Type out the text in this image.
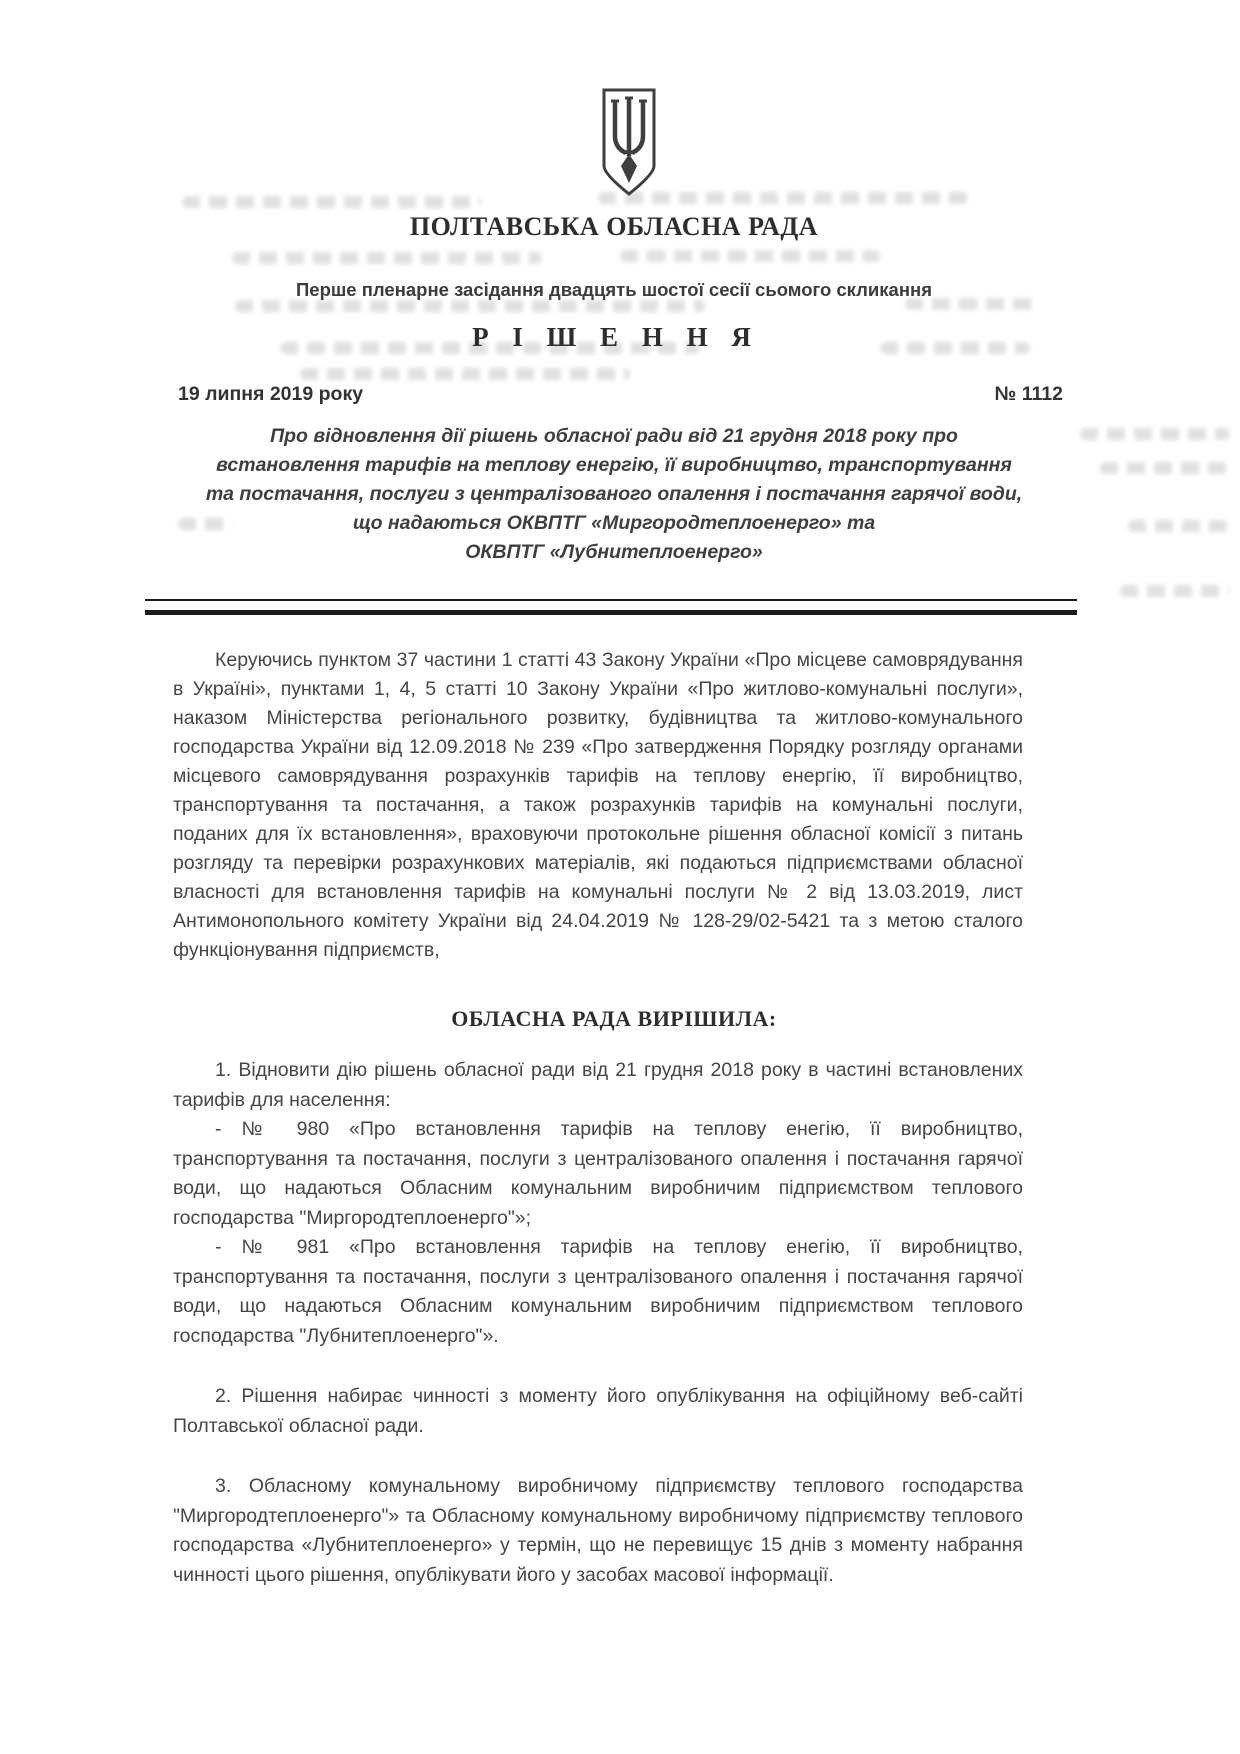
ПОЛТАВСЬКА ОБЛАСНА РАДА
Перше пленарне засідання двадцять шостої сесії сьомого скликання
Р І Ш Е Н Н Я
19 липня 2019 року	№ 1112
Про відновлення дії рішень обласної ради від 21 грудня 2018 року про
встановлення тарифів на теплову енергію, її виробництво, транспортування
та постачання, послуги з централізованого опалення і постачання гарячої води,
що надаються ОКВПТГ «Миргородтеплоенерго» та
ОКВПТГ «Лубнитеплоенерго»
Керуючись пунктом 37 частини 1 статті 43 Закону України «Про місцеве самоврядування в Україні», пунктами 1, 4, 5 статті 10 Закону України «Про житлово-комунальні послуги», наказом Міністерства регіонального розвитку, будівництва та житлово-комунального господарства України від 12.09.2018 № 239 «Про затвердження Порядку розгляду органами місцевого самоврядування розрахунків тарифів на теплову енергію, її виробництво, транспортування та постачання, а також розрахунків тарифів на комунальні послуги, поданих для їх встановлення», враховуючи протокольне рішення обласної комісії з питань розгляду та перевірки розрахункових матеріалів, які подаються підприємствами обласної власності для встановлення тарифів на комунальні послуги № 2 від 13.03.2019, лист Антимонопольного комітету України від 24.04.2019 № 128-29/02-5421 та з метою сталого функціонування підприємств,
ОБЛАСНА РАДА ВИРІШИЛА:

1. Відновити дію рішень обласної ради від 21 грудня 2018 року в частині встановлених тарифів для населення:

- № 980 «Про встановлення тарифів на теплову енегію, її виробництво, транспортування та постачання, послуги з централізованого опалення і постачання гарячої води, що надаються Обласним комунальним виробничим підприємством теплового господарства "Миргородтеплоенерго"»;

- № 981 «Про встановлення тарифів на теплову енегію, її виробництво, транспортування та постачання, послуги з централізованого опалення і постачання гарячої води, що надаються Обласним комунальним виробничим підприємством теплового господарства "Лубнитеплоенерго"».

2. Рішення набирає чинності з моменту його опублікування на офіційному веб-сайті Полтавської обласної ради.

3. Обласному комунальному виробничому підприємству теплового господарства "Миргородтеплоенерго"» та Обласному комунальному виробничому підприємству теплового господарства «Лубнитеплоенерго» у термін, що не перевищує 15 днів з моменту набрання чинності цього рішення, опублікувати його у засобах масової інформації.
